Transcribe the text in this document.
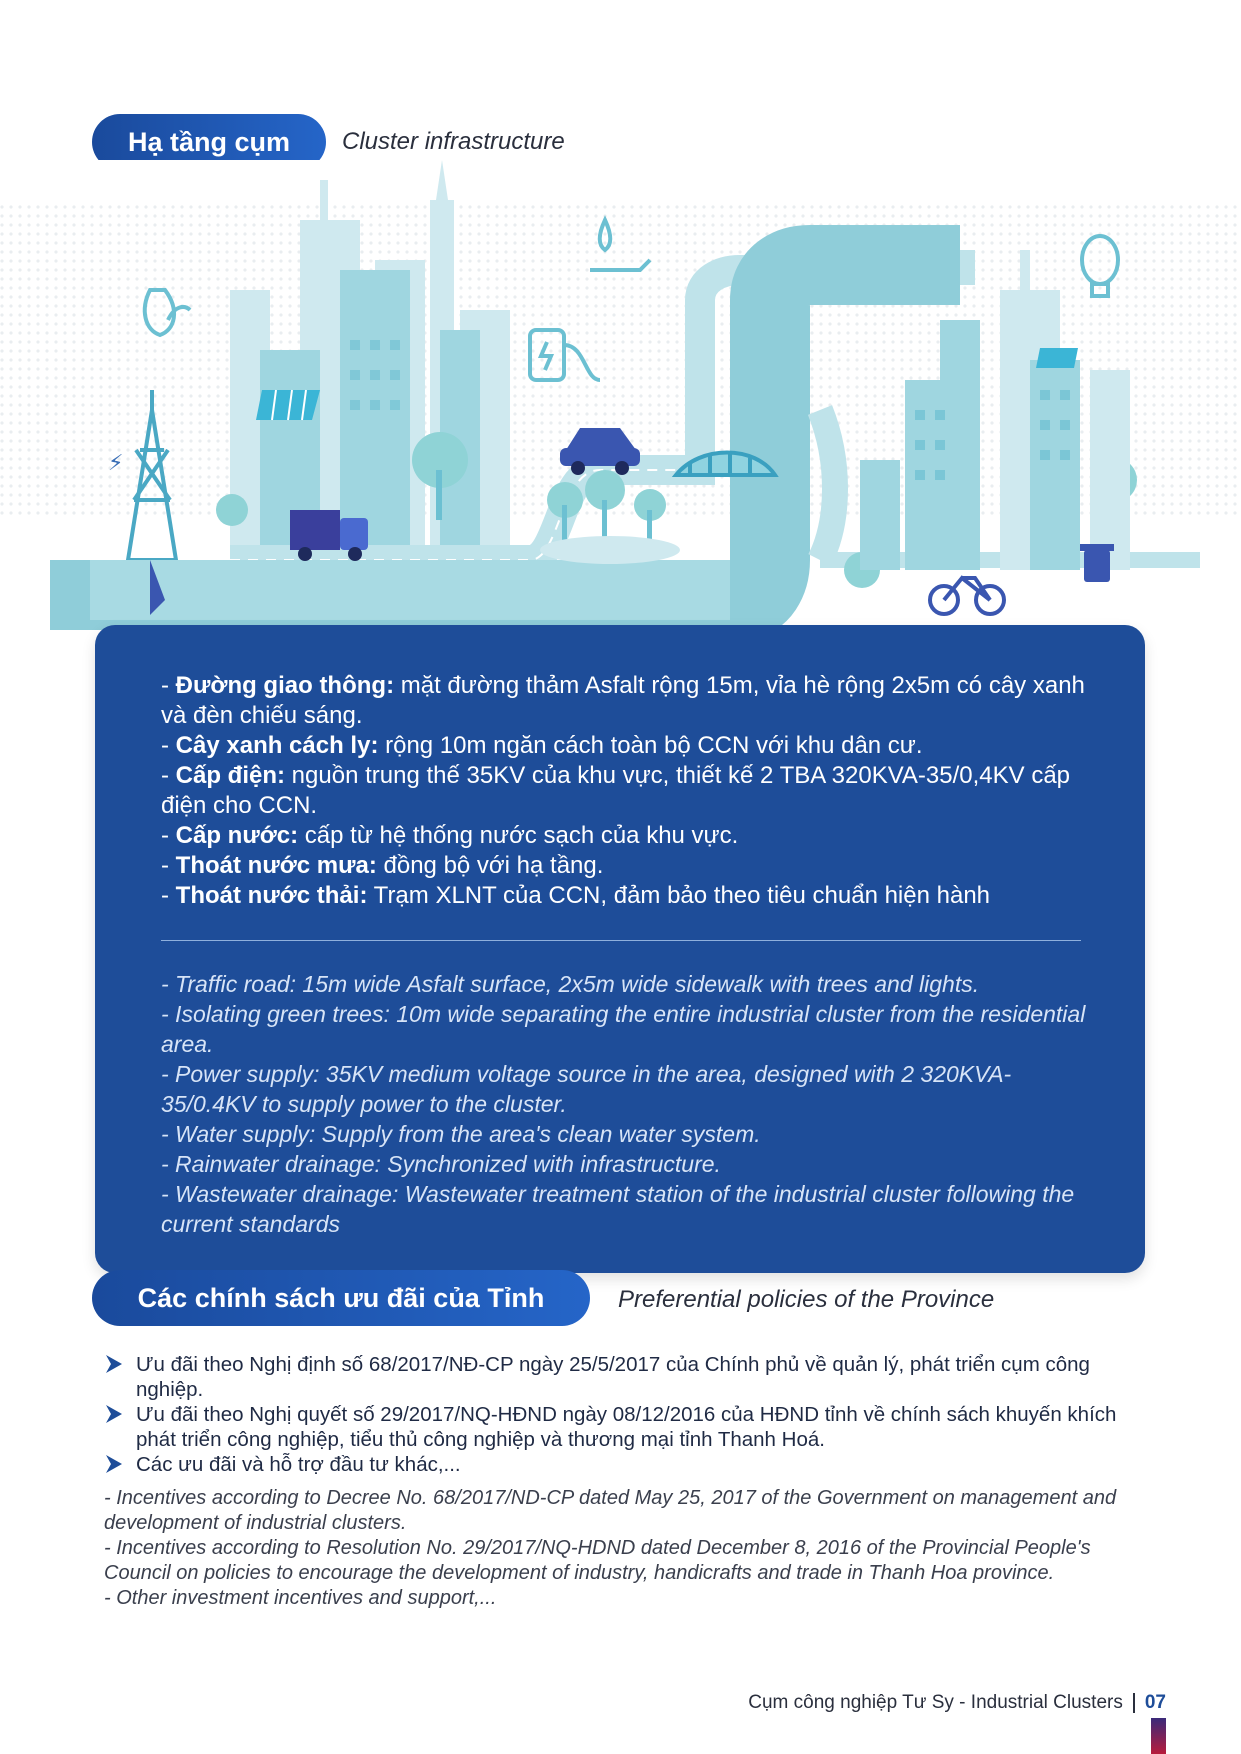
Hạ tầng cụm Cluster infrastructure
⚡
- Đường giao thông: mặt đường thảm Asfalt rộng 15m, vỉa hè rộng 2x5m có cây xanh và đèn chiếu sáng.
- Cây xanh cách ly: rộng 10m ngăn cách toàn bộ CCN với khu dân cư.
- Cấp điện: nguồn trung thế 35KV của khu vực, thiết kế 2 TBA 320KVA-35/0,4KV cấp điện cho CCN.
- Cấp nước: cấp từ hệ thống nước sạch của khu vực.
- Thoát nước mưa: đồng bộ với hạ tầng.
- Thoát nước thải: Trạm XLNT của CCN, đảm bảo theo tiêu chuẩn hiện hành
- Traffic road: 15m wide Asfalt surface, 2x5m wide sidewalk with trees and lights.
- Isolating green trees: 10m wide separating the entire industrial cluster from the residential area.
- Power supply: 35KV medium voltage source in the area, designed with 2 320KVA-35/0.4KV to supply power to the cluster.
- Water supply: Supply from the area's clean water system.
- Rainwater drainage: Synchronized with infrastructure.
- Wastewater drainage: Wastewater treatment station of the industrial cluster following the current standards
Các chính sách ưu đãi của Tỉnh	Preferential policies of the Province
Ưu đãi theo Nghị định số 68/2017/NĐ-CP ngày 25/5/2017 của Chính phủ về quản lý, phát triển cụm công nghiệp.
Ưu đãi theo Nghị quyết số 29/2017/NQ-HĐND ngày 08/12/2016 của HĐND tỉnh về chính sách khuyến khích phát triển công nghiệp, tiểu thủ công nghiệp và thương mại tỉnh Thanh Hoá.
Các ưu đãi và hỗ trợ đầu tư khác,...
- Incentives according to Decree No. 68/2017/ND-CP dated May 25, 2017 of the Government on management and development of industrial clusters.
- Incentives according to Resolution No. 29/2017/NQ-HDND dated December 8, 2016 of the Provincial People's Council on policies to encourage the development of industry, handicrafts and trade in Thanh Hoa province.
- Other investment incentives and support,...
Cụm công nghiệp Tư Sy - Industrial Clusters 07
